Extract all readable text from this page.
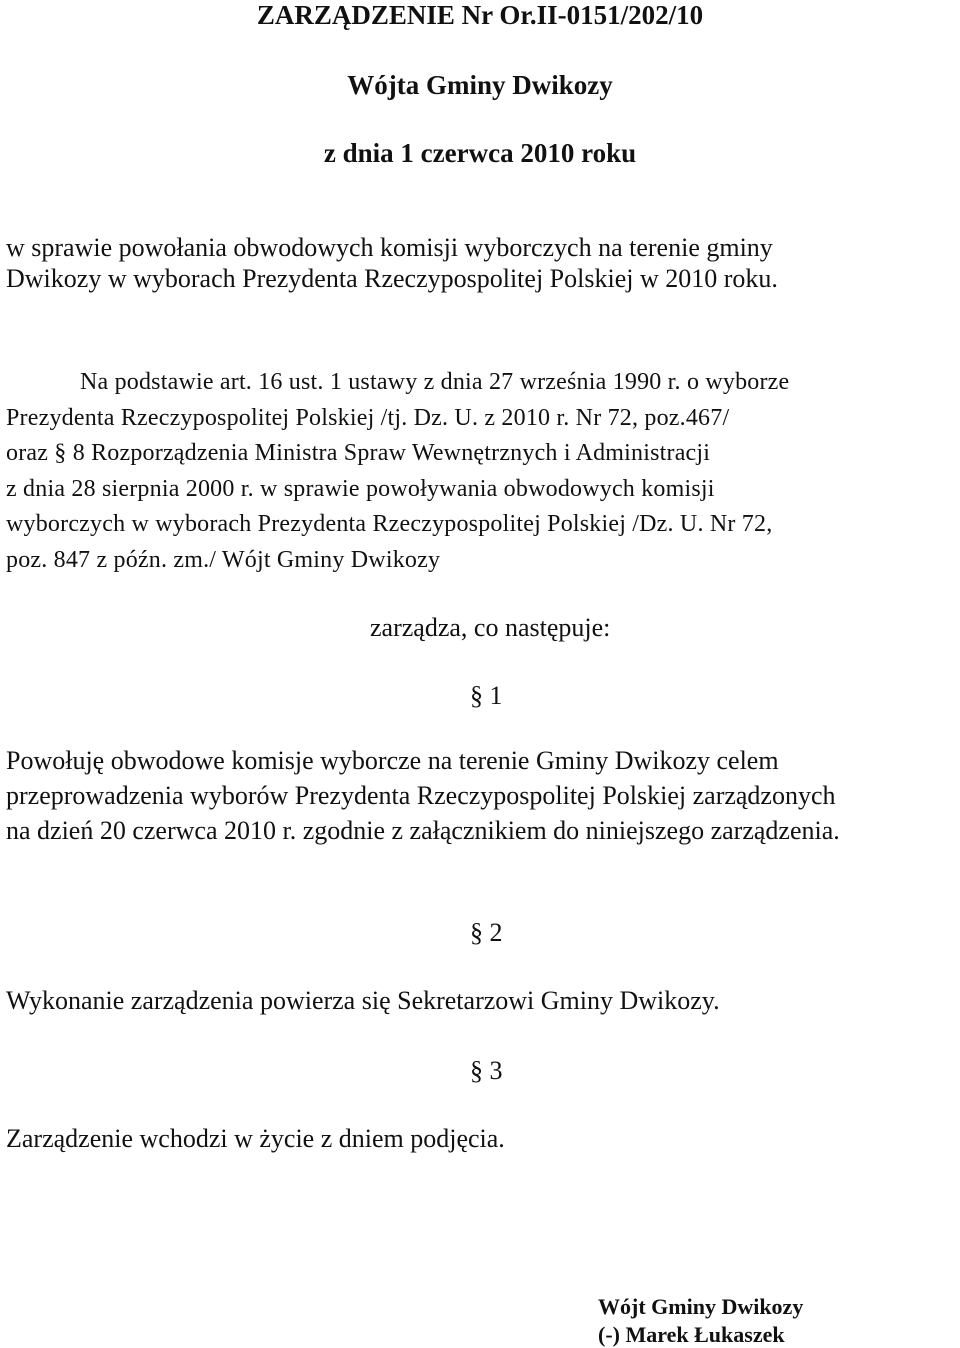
ZARZĄDZENIE Nr Or.II-0151/202/10
Wójta Gminy Dwikozy
z dnia 1 czerwca 2010 roku
w sprawie powołania obwodowych komisji wyborczych na terenie gminy
Dwikozy w wyborach Prezydenta Rzeczypospolitej Polskiej w 2010 roku.
Na podstawie art. 16 ust. 1 ustawy z dnia 27 września 1990 r. o wyborze
Prezydenta Rzeczypospolitej Polskiej /tj. Dz. U. z 2010 r. Nr 72, poz.467/
oraz § 8 Rozporządzenia Ministra Spraw Wewnętrznych i Administracji
z dnia 28 sierpnia 2000 r. w sprawie powoływania obwodowych komisji
wyborczych w wyborach Prezydenta Rzeczypospolitej Polskiej /Dz. U. Nr 72,
poz. 847 z późn. zm./ Wójt Gminy Dwikozy
zarządza, co następuje:
§ 1
Powołuję obwodowe komisje wyborcze na terenie Gminy Dwikozy celem
przeprowadzenia wyborów Prezydenta Rzeczypospolitej Polskiej zarządzonych
na dzień 20 czerwca 2010 r. zgodnie z załącznikiem do niniejszego zarządzenia.
§ 2
Wykonanie zarządzenia powierza się Sekretarzowi Gminy Dwikozy.
§ 3
Zarządzenie wchodzi w życie z dniem podjęcia.
Wójt Gminy Dwikozy
(-) Marek Łukaszek
